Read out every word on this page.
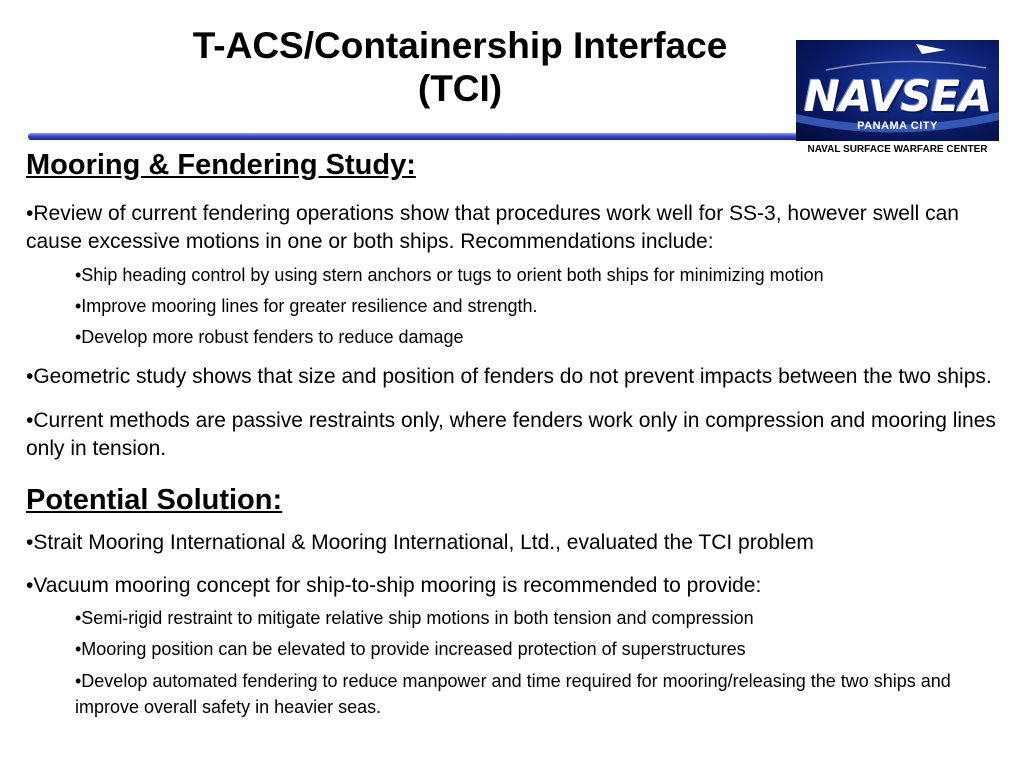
T-ACS/Containership Interface
(TCI)	NAVSEA
PANAMA CITY
NAVAL SURFACE WARFARE CENTER

Mooring & Fendering Study:

•Review of current fendering operations show that procedures work well for SS-3, however swell can cause excessive motions in one or both ships. Recommendations include:

•Ship heading control by using stern anchors or tugs to orient both ships for minimizing motion

•Improve mooring lines for greater resilience and strength.

•Develop more robust fenders to reduce damage

•Geometric study shows that size and position of fenders do not prevent impacts between the two ships.

•Current methods are passive restraints only, where fenders work only in compression and mooring lines only in tension.

Potential Solution:

•Strait Mooring International & Mooring International, Ltd., evaluated the TCI problem

•Vacuum mooring concept for ship-to-ship mooring is recommended to provide:

•Semi-rigid restraint to mitigate relative ship motions in both tension and compression

•Mooring position can be elevated to provide increased protection of superstructures

•Develop automated fendering to reduce manpower and time required for mooring/releasing the two ships and improve overall safety in heavier seas.
